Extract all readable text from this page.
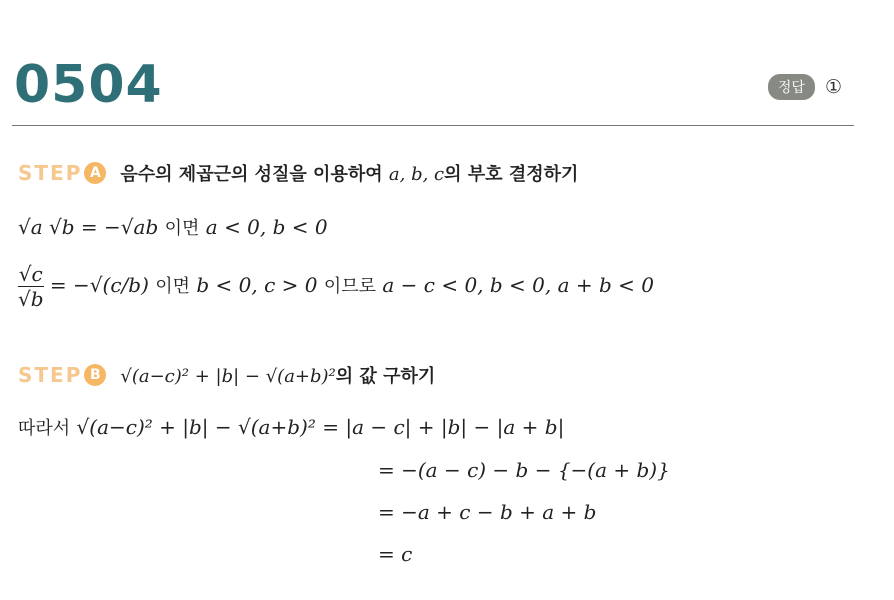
0504	정답	①
STEP A	음수의 제곱근의 성질을 이용하여 a, b, c의 부호 결정하기
√a √b = −√ab 이면 a < 0, b < 0
$\frac{√c}{√b} = -√(c/b)$ 이면 b < 0, c > 0 이므로 a − c < 0, b < 0, a + b < 0
STEP B	√(a−c)² + |b| − √(a+b)²의 값 구하기
따라서 √(a−c)² + |b| − √(a+b)² = |a − c| + |b| − |a + b|
= −(a − c) − b − {−(a + b)}
= −a + c − b + a + b
= c
